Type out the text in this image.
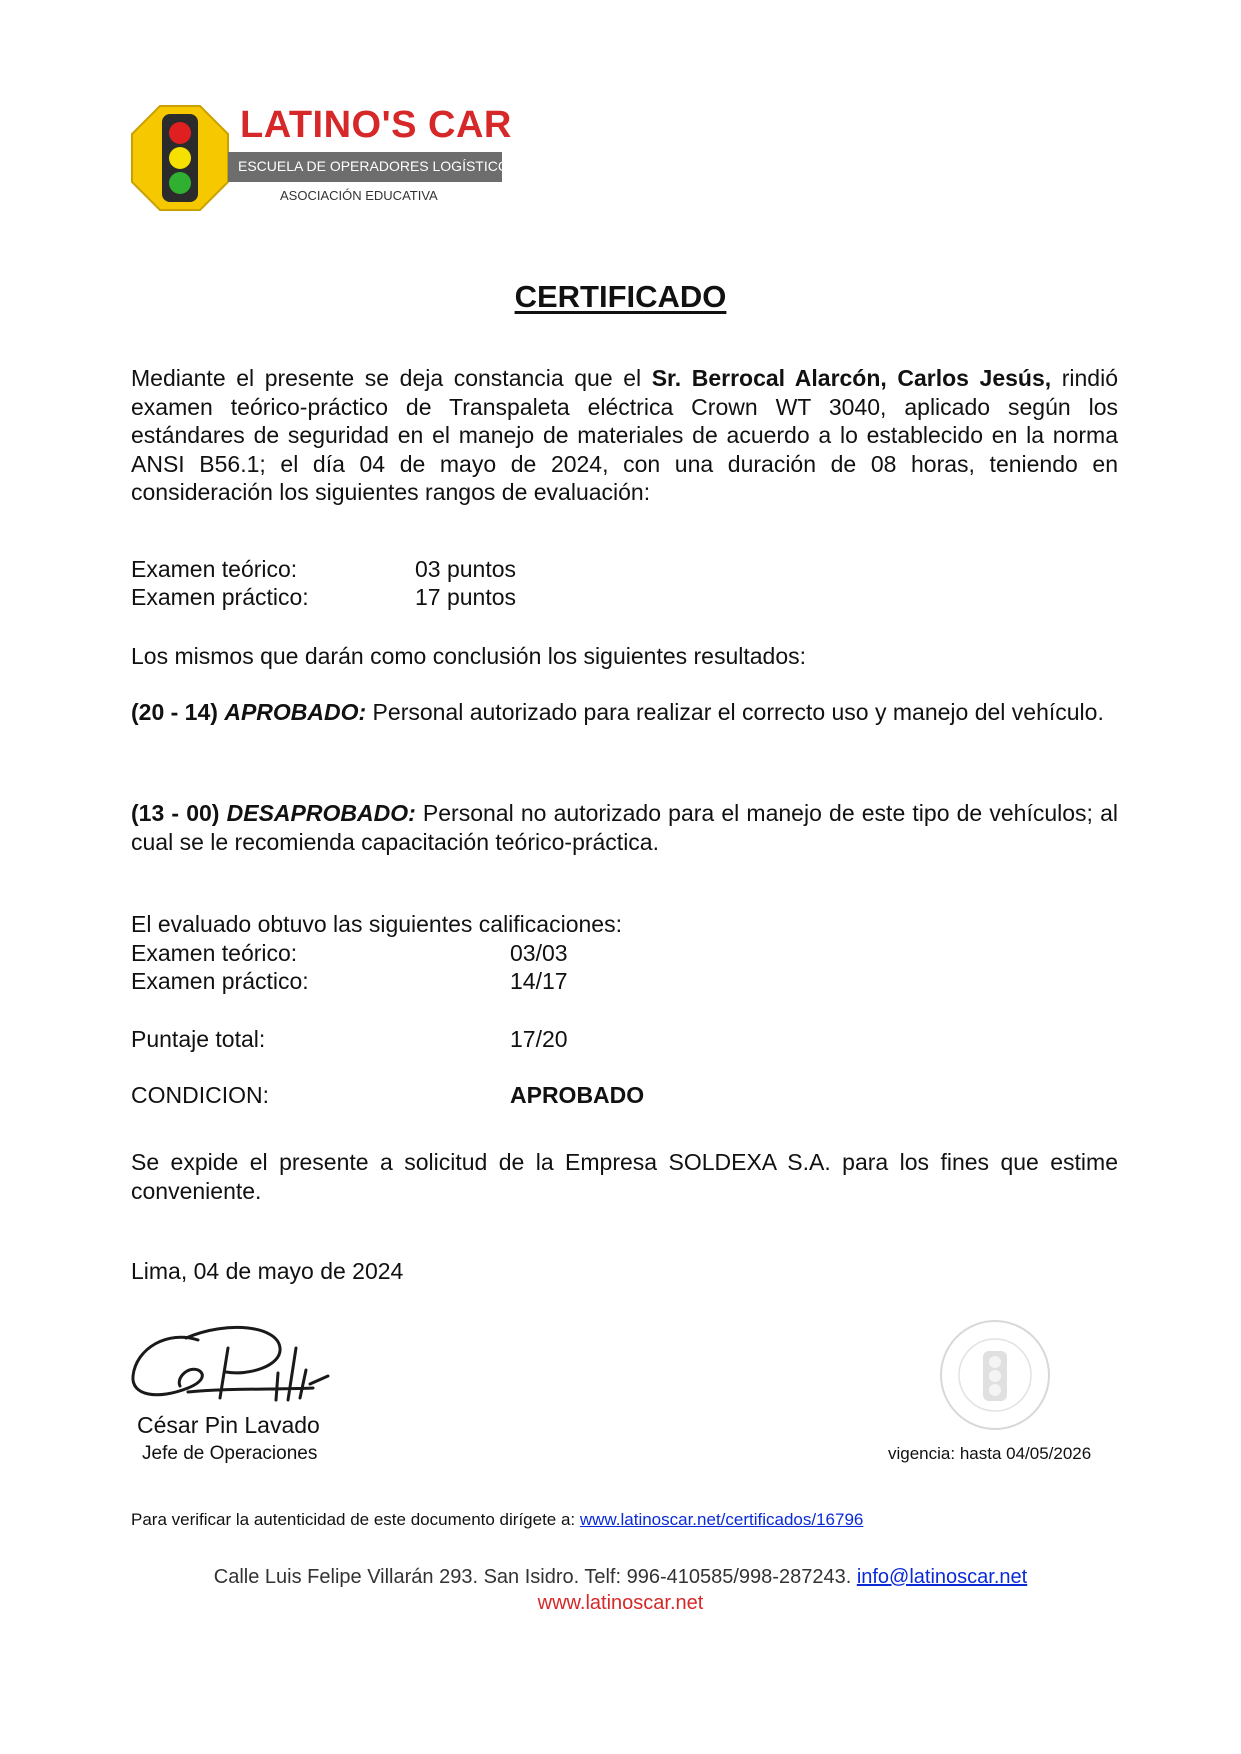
LATINO'S CAR
ESCUELA DE OPERADORES LOGÍSTICOS
ASOCIACIÓN EDUCATIVA
CERTIFICADO
Mediante el presente se deja constancia que el Sr. Berrocal Alarcón, Carlos Jesús, rindió examen teórico-práctico de Transpaleta eléctrica Crown WT 3040, aplicado según los estándares de seguridad en el manejo de materiales de acuerdo a lo establecido en la norma ANSI B56.1; el día 04 de mayo de 2024, con una duración de 08 horas, teniendo en consideración los siguientes rangos de evaluación:
Examen teórico:	03 puntos
Examen práctico:	17 puntos
Los mismos que darán como conclusión los siguientes resultados:
(20 - 14) APROBADO: Personal autorizado para realizar el correcto uso y manejo del vehículo.
(13 - 00) DESAPROBADO: Personal no autorizado para el manejo de este tipo de vehículos; al cual se le recomienda capacitación teórico-práctica.
El evaluado obtuvo las siguientes calificaciones:
Examen teórico:	03/03
Examen práctico:	14/17
Puntaje total:	17/20
CONDICION:	APROBADO
Se expide el presente a solicitud de la Empresa SOLDEXA S.A. para los fines que estime conveniente.
Lima, 04 de mayo de 2024
César Pin Lavado
Jefe de Operaciones	vigencia: hasta 04/05/2026
Para verificar la autenticidad de este documento dirígete a: www.latinoscar.net/certificados/16796
Calle Luis Felipe Villarán 293. San Isidro. Telf: 996-410585/998-287243. info@latinoscar.net
www.latinoscar.net
